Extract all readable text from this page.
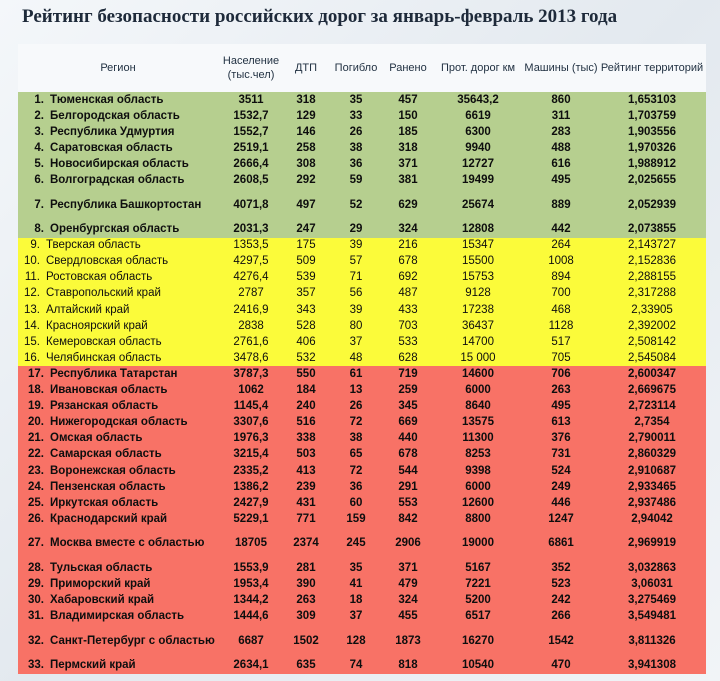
Рейтинг безопасности российских дорог за январь-февраль 2013 года
Регион	Население (тыс.чел)	ДТП	Погибло	Ранено	Прот. дорог км	Машины (тыс)	Рейтинг территорий
1. Тюменская область	3511	318	35	457	35643,2	860	1,653103
2. Белгородская область	1532,7	129	33	150	6619	311	1,703759
3. Республика Удмуртия	1552,7	146	26	185	6300	283	1,903556
4. Саратовская область	2519,1	258	38	318	9940	488	1,970326
5. Новосибирская область	2666,4	308	36	371	12727	616	1,988912
6. Волгоградская область	2608,5	292	59	381	19499	495	2,025655
7. Республика Башкортостан	4071,8	497	52	629	25674	889	2,052939
8. Оренбургская область	2031,3	247	29	324	12808	442	2,073855
9. Тверская область	1353,5	175	39	216	15347	264	2,143727
10. Свердловская область	4297,5	509	57	678	15500	1008	2,152836
11. Ростовская область	4276,4	539	71	692	15753	894	2,288155
12. Ставропольский край	2787	357	56	487	9128	700	2,317288
13. Алтайский край	2416,9	343	39	433	17238	468	2,33905
14. Красноярский край	2838	528	80	703	36437	1128	2,392002
15. Кемеровская область	2761,6	406	37	533	14700	517	2,508142
16. Челябинская область	3478,6	532	48	628	15 000	705	2,545084
17. Республика Татарстан	3787,3	550	61	719	14600	706	2,600347
18. Ивановская область	1062	184	13	259	6000	263	2,669675
19. Рязанская область	1145,4	240	26	345	8640	495	2,723114
20. Нижегородская область	3307,6	516	72	669	13575	613	2,7354
21. Омская область	1976,3	338	38	440	11300	376	2,790011
22. Самарская область	3215,4	503	65	678	8253	731	2,860329
23. Воронежская область	2335,2	413	72	544	9398	524	2,910687
24. Пензенская область	1386,2	239	36	291	6000	249	2,933465
25. Иркутская область	2427,9	431	60	553	12600	446	2,937486
26. Краснодарский край	5229,1	771	159	842	8800	1247	2,94042
27. Москва вместе с областью	18705	2374	245	2906	19000	6861	2,969919
28. Тульская область	1553,9	281	35	371	5167	352	3,032863
29. Приморский край	1953,4	390	41	479	7221	523	3,06031
30. Хабаровский край	1344,2	263	18	324	5200	242	3,275469
31. Владимирская область	1444,6	309	37	455	6517	266	3,549481
32. Санкт-Петербург с областью	6687	1502	128	1873	16270	1542	3,811326
33. Пермский край	2634,1	635	74	818	10540	470	3,941308
